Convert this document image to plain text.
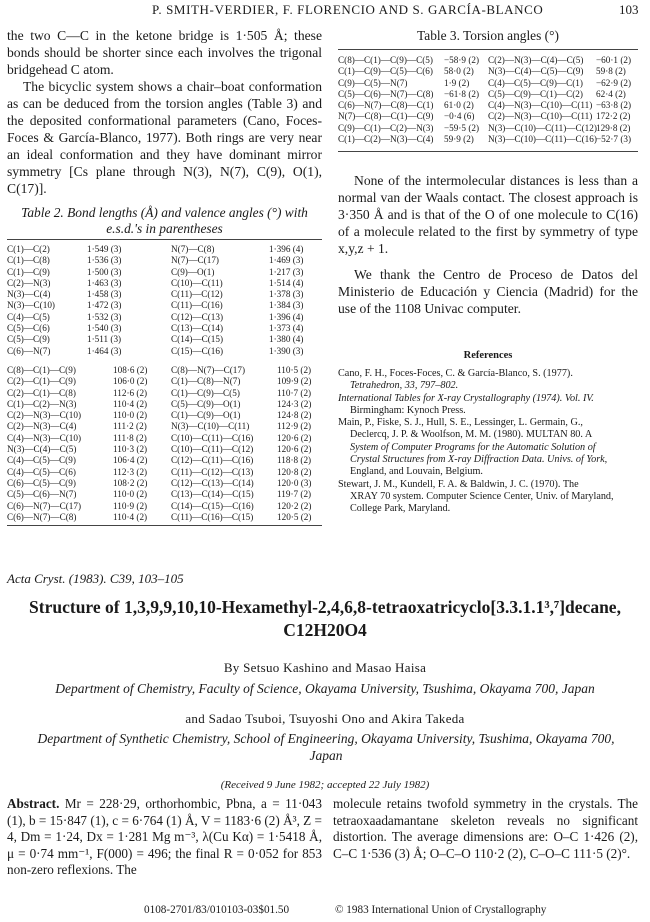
P. SMITH-VERDIER, F. FLORENCIO AND S. GARCÍA-BLANCO	103

the two C—C in the ketone bridge is 1·505 Å; these bonds should be shorter since each involves the trigonal bridgehead C atom.

The bicyclic system shows a chair–boat conformation as can be deduced from the torsion angles (Table 3) and the deposited conformational parameters (Cano, Foces-Foces & García-Blanco, 1977). Both rings are very near an ideal conformation and they have dominant mirror symmetry [Cs plane through N(3), N(7), C(9), O(1), C(17)].

Table 2. Bond lengths (Å) and valence angles (°) with
e.s.d.'s in parentheses
C(1)—C(2)	1·549 (3)	N(7)—C(8)	1·396 (4)
C(1)—C(8)	1·536 (3)	N(7)—C(17)	1·469 (3)
C(1)—C(9)	1·500 (3)	C(9)—O(1)	1·217 (3)
C(2)—N(3)	1·463 (3)	C(10)—C(11)	1·514 (4)
N(3)—C(4)	1·458 (3)	C(11)—C(12)	1·378 (3)
N(3)—C(10)	1·472 (3)	C(11)—C(16)	1·384 (3)
C(4)—C(5)	1·532 (3)	C(12)—C(13)	1·396 (4)
C(5)—C(6)	1·540 (3)	C(13)—C(14)	1·373 (4)
C(5)—C(9)	1·511 (3)	C(14)—C(15)	1·380 (4)
C(6)—N(7)	1·464 (3)	C(15)—C(16)	1·390 (3)
C(8)—C(1)—C(9)	108·6 (2)	C(8)—N(7)—C(17)	110·5 (2)
C(2)—C(1)—C(9)	106·0 (2)	C(1)—C(8)—N(7)	109·9 (2)
C(2)—C(1)—C(8)	112·6 (2)	C(1)—C(9)—C(5)	110·7 (2)
C(1)—C(2)—N(3)	110·4 (2)	C(5)—C(9)—O(1)	124·3 (2)
C(2)—N(3)—C(10)	110·0 (2)	C(1)—C(9)—O(1)	124·8 (2)
C(2)—N(3)—C(4)	111·2 (2)	N(3)—C(10)—C(11)	112·9 (2)
C(4)—N(3)—C(10)	111·8 (2)	C(10)—C(11)—C(16)	120·6 (2)
N(3)—C(4)—C(5)	110·3 (2)	C(10)—C(11)—C(12)	120·6 (2)
C(4)—C(5)—C(9)	106·4 (2)	C(12)—C(11)—C(16)	118·8 (2)
C(4)—C(5)—C(6)	112·3 (2)	C(11)—C(12)—C(13)	120·8 (2)
C(6)—C(5)—C(9)	108·2 (2)	C(12)—C(13)—C(14)	120·0 (3)
C(5)—C(6)—N(7)	110·0 (2)	C(13)—C(14)—C(15)	119·7 (2)
C(6)—N(7)—C(17)	110·9 (2)	C(14)—C(15)—C(16)	120·2 (2)
C(6)—N(7)—C(8)	110·4 (2)	C(11)—C(16)—C(15)	120·5 (2)
Table 3. Torsion angles (°)
C(8)—C(1)—C(9)—C(5) −58·9 (2) C(2)—N(3)—C(4)—C(5) −60·1 (2)
C(1)—C(9)—C(5)—C(6) 58·0 (2) N(3)—C(4)—C(5)—C(9) 59·8 (2)
C(9)—C(5)—N(7)	1·9 (2) C(4)—C(5)—C(9)—C(1) −62·9 (2)
C(5)—C(6)—N(7)—C(8) −61·8 (2) C(5)—C(9)—C(1)—C(2) 62·4 (2)
C(6)—N(7)—C(8)—C(1) 61·0 (2) C(4)—N(3)—C(10)—C(11) −63·8 (2)
N(7)—C(8)—C(1)—C(9) −0·4 (6) C(2)—N(3)—C(10)—C(11) 172·2 (2)
C(9)—C(1)—C(2)—N(3) −59·5 (2) N(3)—C(10)—C(11)—C(12) 129·8 (2)
C(1)—C(2)—N(3)—C(4) 59·9 (2) N(3)—C(10)—C(11)—C(16) −52·7 (3)

None of the intermolecular distances is less than a normal van der Waals contact. The closest approach is 3·350 Å and is that of the O of one molecule to C(16) of a molecule related to the first by symmetry of type x,y,z + 1.

We thank the Centro de Proceso de Datos del Ministerio de Educación y Ciencia (Madrid) for the use of the 1108 Univac computer.

References
Cano, F. H., Foces-Foces, C. & García-Blanco, S. (1977).
Tetrahedron, 33, 797–802.
International Tables for X-ray Crystallography (1974). Vol. IV.
Birmingham: Kynoch Press.
Main, P., Fiske, S. J., Hull, S. E., Lessinger, L. Germain, G.,
Declercq, J. P. & Woolfson, M. M. (1980). MULTAN 80. A
System of Computer Programs for the Automatic Solution of
Crystal Structures from X-ray Diffraction Data. Univs. of York,
England, and Louvain, Belgium.
Stewart, J. M., Kundell, F. A. & Baldwin, J. C. (1970). The
XRAY 70 system. Computer Science Center, Univ. of Maryland,
College Park, Maryland.
Acta Cryst. (1983). C39, 103–105
Structure of 1,3,9,9,10,10-Hexamethyl-2,4,6,8-tetraoxatricyclo[3.3.1.1³,⁷]decane,
C12H20O4
By Setsuo Kashino and Masao Haisa
Department of Chemistry, Faculty of Science, Okayama University, Tsushima, Okayama 700, Japan
and Sadao Tsuboi, Tsuyoshi Ono and Akira Takeda
Department of Synthetic Chemistry, School of Engineering, Okayama University, Tsushima, Okayama 700,
Japan
(Received 9 June 1982; accepted 22 July 1982)
Abstract. Mr = 228·29, orthorhombic, Pbna, a = 11·043 (1), b = 15·847 (1), c = 6·764 (1) Å, V = 1183·6 (2) Å³, Z = 4, Dm = 1·24, Dx = 1·281 Mg m⁻³, λ(Cu Kα) = 1·5418 Å, μ = 0·74 mm⁻¹, F(000) = 496; the final R = 0·052 for 853 non-zero reflexions. The
molecule retains twofold symmetry in the crystals. The tetraoxaadamantane skeleton reveals no significant distortion. The average dimensions are: O–C 1·426 (2), C–C 1·536 (3) Å; O–C–O 110·2 (2), C–O–C 111·5 (2)°.
0108-2701/83/010103-03$01.50	© 1983 International Union of Crystallography
